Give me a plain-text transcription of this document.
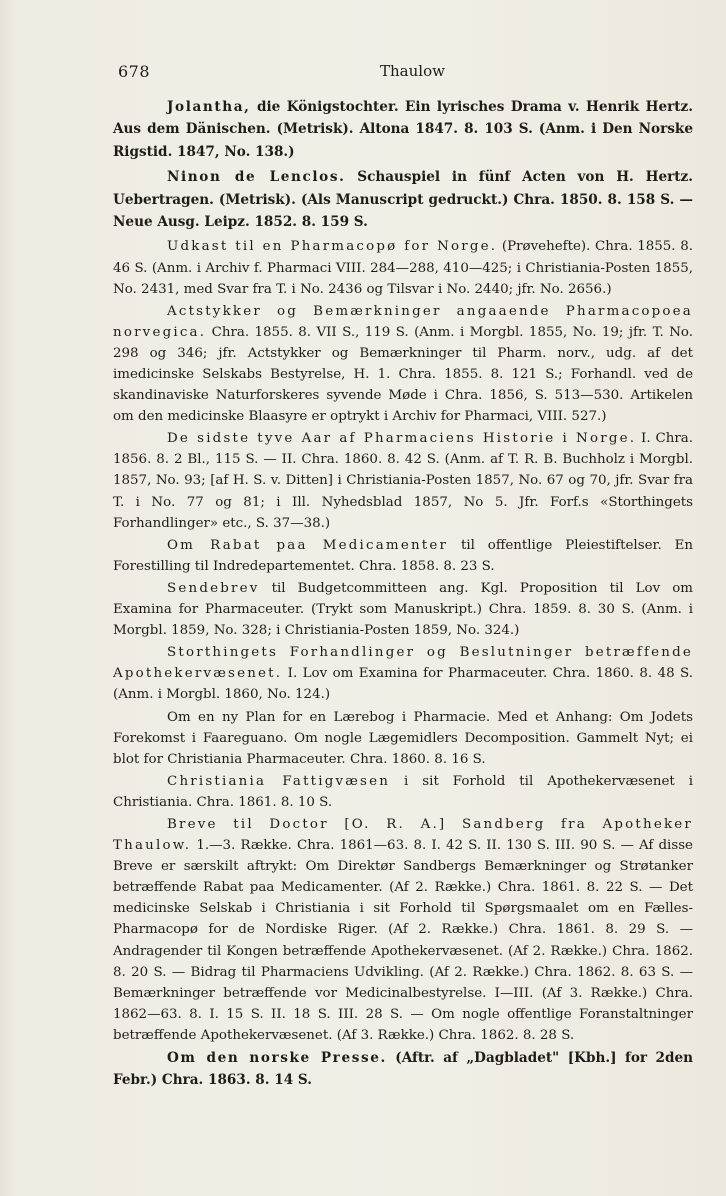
678	Thaulow

Jolantha, die Königstochter. Ein lyrisches Drama v. Henrik Hertz. Aus dem Dänischen. (Metrisk). Altona 1847. 8. 103 S. (Anm. i Den Norske Rigstid. 1847, No. 138.)

Ninon de Lenclos. Schauspiel in fünf Acten von H. Hertz. Uebertragen. (Metrisk). (Als Manuscript gedruckt.) Chra. 1850. 8. 158 S. — Neue Ausg. Leipz. 1852. 8. 159 S.

Udkast til en Pharmacopø for Norge. (Prøvehefte). Chra. 1855. 8. 46 S. (Anm. i Archiv f. Pharmaci VIII. 284—288, 410—425; i Christiania-Posten 1855, No. 2431, med Svar fra T. i No. 2436 og Tilsvar i No. 2440; jfr. No. 2656.)

Actstykker og Bemærkninger angaaende Pharmacopoea norvegica. Chra. 1855. 8. VII S., 119 S. (Anm. i Morgbl. 1855, No. 19; jfr. T. No. 298 og 346; jfr. Actstykker og Bemærkninger til Pharm. norv., udg. af det imedicinske Selskabs Bestyrelse, H. 1. Chra. 1855. 8. 121 S.; Forhandl. ved de skandinaviske Naturforskeres syvende Møde i Chra. 1856, S. 513—530. Artikelen om den medicinske Blaasyre er optrykt i Archiv for Pharmaci, VIII. 527.)

De sidste tyve Aar af Pharmaciens Historie i Norge. I. Chra. 1856. 8. 2 Bl., 115 S. — II. Chra. 1860. 8. 42 S. (Anm. af T. R. B. Buchholz i Morgbl. 1857, No. 93; [af H. S. v. Ditten] i Christiania-Posten 1857, No. 67 og 70, jfr. Svar fra T. i No. 77 og 81; i Ill. Nyhedsblad 1857, No 5. Jfr. Forf.s «Storthingets Forhandlinger» etc., S. 37—38.)

Om Rabat paa Medicamenter til offentlige Pleiestiftelser. En Forestilling til Indredepartementet. Chra. 1858. 8. 23 S.

Sendebrev til Budgetcommitteen ang. Kgl. Proposition til Lov om Examina for Pharmaceuter. (Trykt som Manuskript.) Chra. 1859. 8. 30 S. (Anm. i Morgbl. 1859, No. 328; i Christiania-Posten 1859, No. 324.)

Storthingets Forhandlinger og Beslutninger betræffende Apothekervæsenet. I. Lov om Examina for Pharmaceuter. Chra. 1860. 8. 48 S. (Anm. i Morgbl. 1860, No. 124.)

Om en ny Plan for en Lærebog i Pharmacie. Med et Anhang: Om Jodets Forekomst i Faareguano. Om nogle Lægemidlers Decomposition. Gammelt Nyt; ei blot for Christiania Pharmaceuter. Chra. 1860. 8. 16 S.

Christiania Fattigvæsen i sit Forhold til Apothekervæsenet i Christiania. Chra. 1861. 8. 10 S.

Breve til Doctor [O. R. A.] Sandberg fra Apotheker Thaulow. 1.—3. Række. Chra. 1861—63. 8. I. 42 S. II. 130 S. III. 90 S. — Af disse Breve er særskilt aftrykt: Om Direktør Sandbergs Bemærkninger og Strøtanker betræffende Rabat paa Medicamenter. (Af 2. Række.) Chra. 1861. 8. 22 S. — Det medicinske Selskab i Christiania i sit Forhold til Spørgsmaalet om en Fælles-Pharmacopø for de Nordiske Riger. (Af 2. Række.) Chra. 1861. 8. 29 S. — Andragender til Kongen betræffende Apothekervæsenet. (Af 2. Række.) Chra. 1862. 8. 20 S. — Bidrag til Pharmaciens Udvikling. (Af 2. Række.) Chra. 1862. 8. 63 S. — Bemærkninger betræffende vor Medicinalbestyrelse. I—III. (Af 3. Række.) Chra. 1862—63. 8. I. 15 S. II. 18 S. III. 28 S. — Om nogle offentlige Foranstaltninger betræffende Apothekervæsenet. (Af 3. Række.) Chra. 1862. 8. 28 S.

Om den norske Presse. (Aftr. af „Dagbladet" [Kbh.] for 2den Febr.) Chra. 1863. 8. 14 S.
